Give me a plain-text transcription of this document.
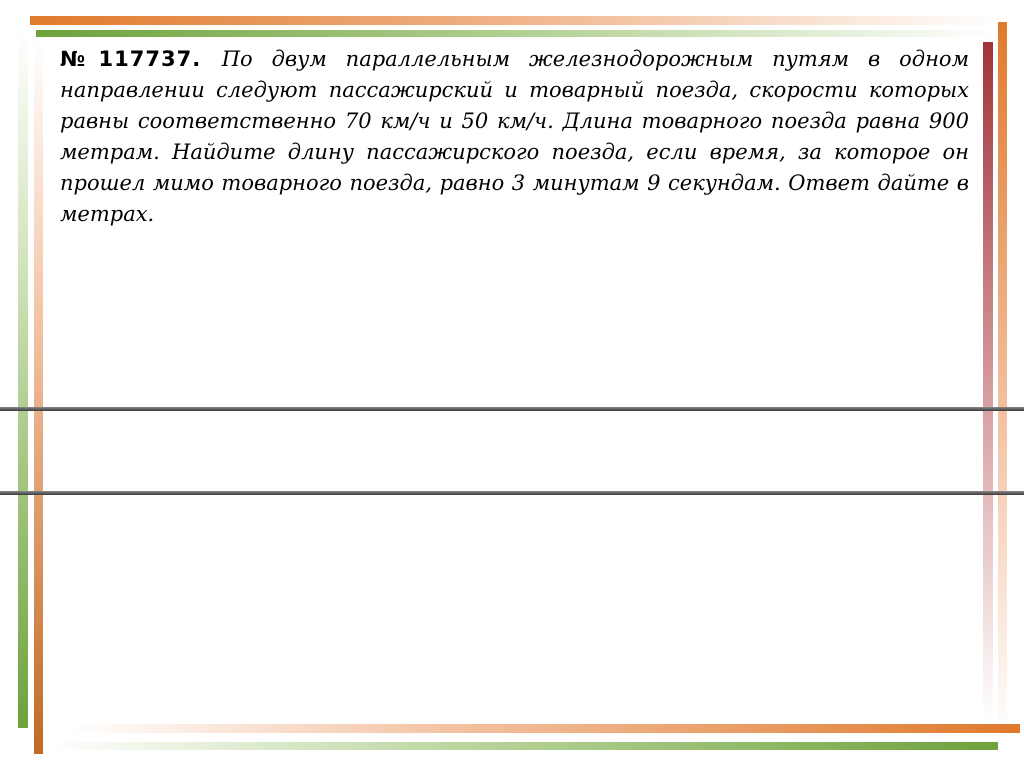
№117737. По двум параллельным железнодорожным путям в одном направлении следуют пассажирский и товарный поезда, скорости которых равны соответственно 70 км/ч и 50 км/ч. Длина товарного поезда равна 900 метрам. Найдите длину пассажирского поезда, если время, за которое он прошел мимо товарного поезда, равно 3 минутам 9 секундам. Ответ дайте в метрах.
